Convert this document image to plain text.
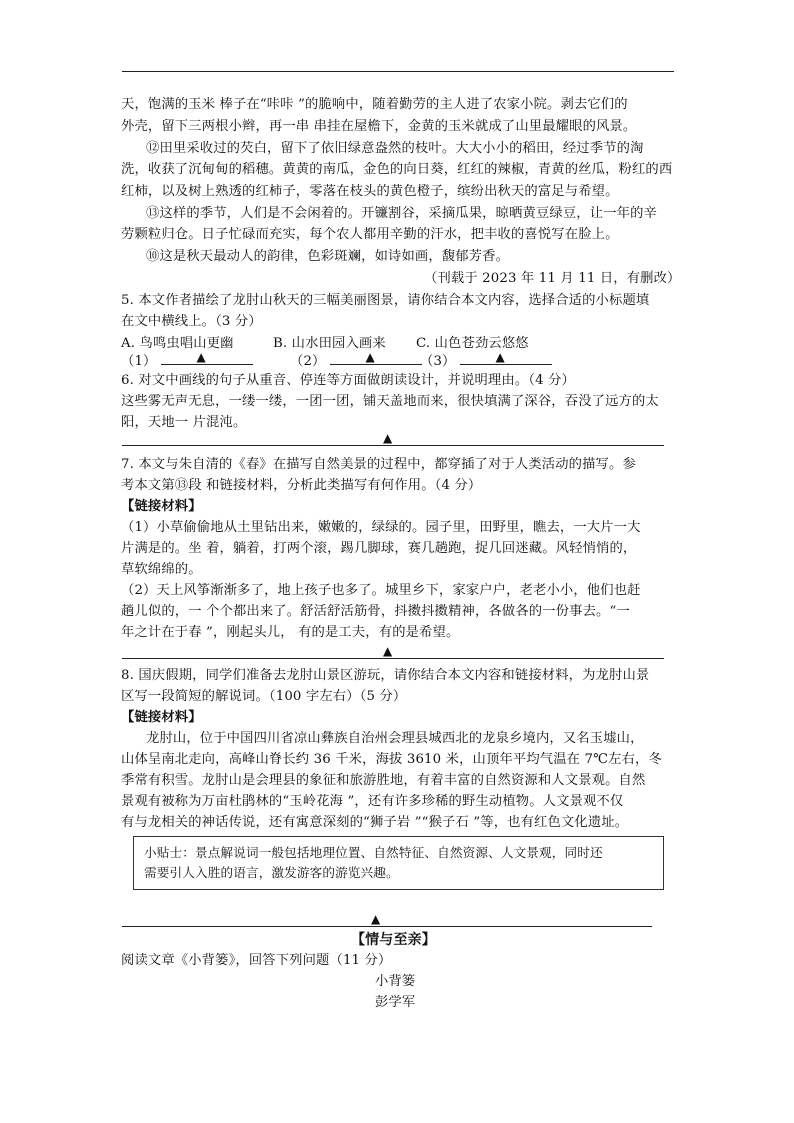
天，饱满的玉米 棒子在“咔咔 ”的脆响中，随着勤劳的主人进了农家小院。剥去它们的
外壳，留下三两根小辫，再一串 串挂在屋檐下，金黄的玉米就成了山里最耀眼的风景。
⑫田里采收过的芡白，留下了依旧绿意盎然的枝叶。大大小小的稻田，经过季节的淘
洗，收获了沉甸甸的稻穗。黄黄的南瓜，金色的向日葵，红红的辣椒，青黄的丝瓜，粉红的西
红柿，以及树上熟透的红柿子，零落在枝头的黄色橙子，缤纷出秋天的富足与希望。
⑬这样的季节，人们是不会闲着的。开镰割谷，采摘瓜果，晾晒黄豆绿豆，让一年的辛
劳颗粒归仓。日子忙碌而充实，每个农人都用辛勤的汗水，把丰收的喜悦写在脸上。
⑩这是秋天最动人的韵律，色彩斑斓，如诗如画，馥郁芳香。
（刊载于 2023 年 11 月 11 日，有删改）
5. 本文作者描绘了龙肘山秋天的三幅美丽图景，请你结合本文内容，选择合适的小标题填
在文中横线上。（3 分）
A. 鸟鸣虫唱山更幽	B. 山水田园入画来 C. 山色苍劲云悠悠
（1）	▲	（2）	▲	（3）	▲
6. 对文中画线的句子从重音、停连等方面做朗读设计，并说明理由。（4 分）
这些雾无声无息，一缕一缕，一团一团，铺天盖地而来，很快填满了深谷，吞没了远方的太
阳，天地一 片混沌。
▲
7. 本文与朱自清的《春》在描写自然美景的过程中，都穿插了对于人类活动的描写。参
考本文第⑬段 和链接材料，分析此类描写有何作用。（4 分）
【链接材料】
（1）小草偷偷地从土里钻出来，嫩嫩的，绿绿的。园子里，田野里，瞧去，一大片一大
片满是的。坐 着，躺着，打两个滚，踢几脚球，赛几趟跑，捉几回迷藏。风轻悄悄的，
草软绵绵的。
（2）天上风筝渐渐多了，地上孩子也多了。城里乡下，家家户户，老老小小，他们也赶
趟儿似的，一 个个都出来了。舒活舒活筋骨，抖擞抖擞精神，各做各的一份事去。“一
年之计在于春 ”，刚起头儿， 有的是工夫，有的是希望。
▲
8. 国庆假期，同学们准备去龙肘山景区游玩，请你结合本文内容和链接材料，为龙肘山景
区写一段简短的解说词。（100 字左右）（5 分）
【链接材料】
龙肘山，位于中国四川省凉山彝族自治州会理县城西北的龙泉乡境内，又名玉墟山，
山体呈南北走向，高峰山脊长约 36 千米，海拔 3610 米，山顶年平均气温在 7℃左右，冬
季常有积雪。龙肘山是会理县的象征和旅游胜地，有着丰富的自然资源和人文景观。自然
景观有被称为万亩杜鹃林的“玉岭花海 ”，还有许多珍稀的野生动植物。人文景观不仅
有与龙相关的神话传说，还有寓意深刻的“狮子岩 ”“猴子石 ”等，也有红色文化遗址。
小贴士：景点解说词一般包括地理位置、自然特征、自然资源、人文景观，同时还
需要引人入胜的语言，激发游客的游览兴趣。
▲
【情与至亲】
阅读文章《小背篓》，回答下列问题（11 分）
小背篓
彭学军
